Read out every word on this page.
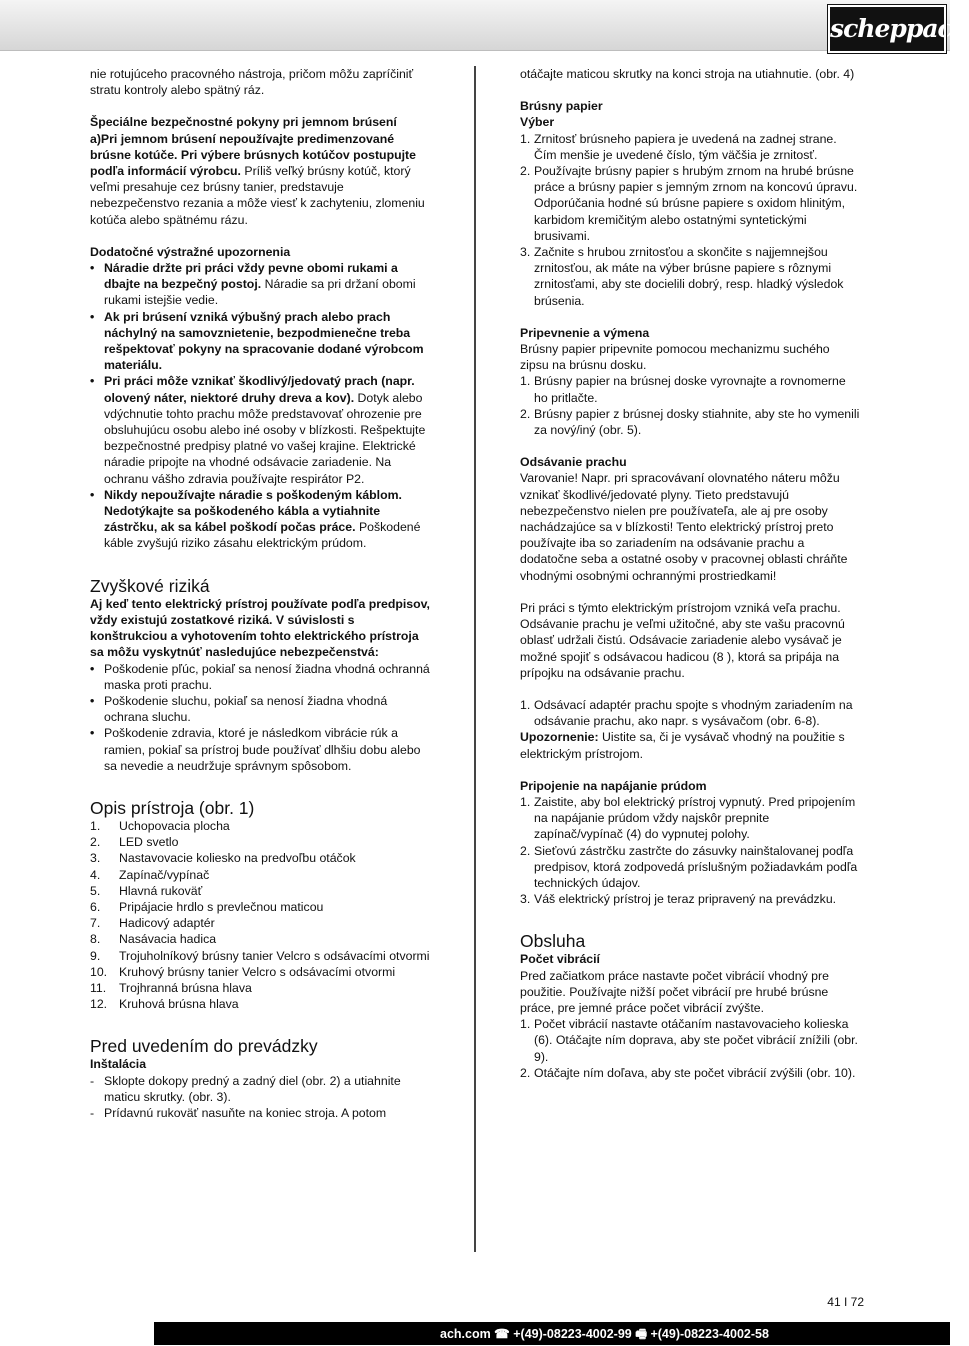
scheppach

nie rotujúceho pracovného nástroja, pričom môžu zapríčiniť stratu kontroly alebo spätný ráz.

Špeciálne bezpečnostné pokyny pri jemnom brúsení

a)Pri jemnom brúsení nepoužívajte predimenzované brúsne kotúče. Pri výbere brúsnych kotúčov postupujte podľa informácií výrobcu. Príliš veľký brúsny kotúč, ktorý veľmi presahuje cez brúsny tanier, predstavuje nebezpečenstvo rezania a môže viesť k zachyteniu, zlomeniu kotúča alebo spätnému rázu.

Dodatočné výstražné upozornenia

• Náradie držte pri práci vždy pevne obomi rukami a dbajte na bezpečný postoj. Náradie sa pri držaní obomi rukami istejšie vedie.
• Ak pri brúsení vzniká výbušný prach alebo prach náchylný na samovznietenie, bezpodmienečne treba rešpektovať pokyny na spracovanie dodané výrobcom materiálu.
• Pri práci môže vznikať škodlivý/jedovatý prach (napr. olovený náter, niektoré druhy dreva a kov). Dotyk alebo vdýchnutie tohto prachu môže predstavovať ohrozenie pre obsluhujúcu osobu alebo iné osoby v blízkosti. Rešpektujte bezpečnostné predpisy platné vo vašej krajine. Elektrické náradie pripojte na vhodné odsávacie zariadenie. Na ochranu vášho zdravia používajte respirátor P2.
• Nikdy nepoužívajte náradie s poškodeným káblom. Nedotýkajte sa poškodeného kábla a vytiahnite zástrčku, ak sa kábel poškodí počas práce. Poškodené káble zvyšujú riziko zásahu elektrickým prúdom.
Zvyškové riziká

Aj keď tento elektrický prístroj používate podľa predpisov, vždy existujú zostatkové riziká. V súvislosti s konštrukciou a vyhotovením tohto elektrického prístroja sa môžu vyskytnúť nasledujúce nebezpečenstvá:

• Poškodenie pľúc, pokiaľ sa nenosí žiadna vhodná ochranná maska proti prachu.
• Poškodenie sluchu, pokiaľ sa nenosí žiadna vhodná ochrana sluchu.
• Poškodenie zdravia, ktoré je následkom vibrácie rúk a ramien, pokiaľ sa prístroj bude používať dlhšiu dobu alebo sa nevedie a neudržuje správnym spôsobom.
Opis prístroja (obr. 1)
1. Uchopovacia plocha
2. LED svetlo
3. Nastavovacie koliesko na predvoľbu otáčok
4. Zapínač/vypínač
5. Hlavná rukoväť
6. Pripájacie hrdlo s prevlečnou maticou
7. Hadicový adaptér
8. Nasávacia hadica
9. Trojuholníkový brúsny tanier Velcro s odsávacími otvormi
10. Kruhový brúsny tanier Velcro s odsávacími otvormi
11. Trojhranná brúsna hlava
12. Kruhová brúsna hlava
Pred uvedením do prevádzky

Inštalácia

- Sklopte dokopy predný a zadný diel (obr. 2) a utiahnite maticu skrutky. (obr. 3).
- Prídavnú rukoväť nasuňte na koniec stroja. A potom

otáčajte maticou skrutky na konci stroja na utiahnutie. (obr. 4)

Brúsny papier

Výber

1. Zrnitosť brúsneho papiera je uvedená na zadnej strane. Čím menšie je uvedené číslo, tým väčšia je zrnitosť.
2. Používajte brúsny papier s hrubým zrnom na hrubé brúsne práce a brúsny papier s jemným zrnom na koncovú úpravu. Odporúčania hodné sú brúsne papiere s oxidom hlinitým, karbidom kremičitým alebo ostatnými syntetickými brusivami.
3. Začnite s hrubou zrnitosťou a skončite s najjemnejšou zrnitosťou, ak máte na výber brúsne papiere s rôznymi zrnitosťami, aby ste docielili dobrý, resp. hladký výsledok brúsenia.

Pripevnenie a výmena

Brúsny papier pripevnite pomocou mechanizmu suchého zipsu na brúsnu dosku.

1. Brúsny papier na brúsnej doske vyrovnajte a rovnomerne ho pritlačte.
2. Brúsny papier z brúsnej dosky stiahnite, aby ste ho vymenili za nový/iný (obr. 5).

Odsávanie prachu

Varovanie! Napr. pri spracovávaní olovnatého náteru môžu vznikať škodlivé/jedovaté plyny. Tieto predstavujú nebezpečenstvo nielen pre používateľa, ale aj pre osoby nachádzajúce sa v blízkosti! Tento elektrický prístroj preto používajte iba so zariadením na odsávanie prachu a dodatočne seba a ostatné osoby v pracovnej oblasti chráňte vhodnými osobnými ochrannými prostriedkami!

Pri práci s týmto elektrickým prístrojom vzniká veľa prachu. Odsávanie prachu je veľmi užitočné, aby ste vašu pracovnú oblasť udržali čistú. Odsávacie zariadenie alebo vysávač je možné spojiť s odsávacou hadicou (8 ), ktorá sa pripája na prípojku na odsávanie prachu.

1. Odsávací adaptér prachu spojte s vhodným zariadením na odsávanie prachu, ako napr. s vysávačom (obr. 6-8).

Upozornenie: Uistite sa, či je vysávač vhodný na použitie s elektrickým prístrojom.

Pripojenie na napájanie prúdom

1. Zaistite, aby bol elektrický prístroj vypnutý. Pred pripojením na napájanie prúdom vždy najskôr prepnite zapínač/vypínač (4) do vypnutej polohy.
2. Sieťovú zástrčku zastrčte do zásuvky nainštalovanej podľa predpisov, ktorá zodpovedá príslušným požiadavkám podľa technických údajov.
3. Váš elektrický prístroj je teraz pripravený na prevádzku.
Obsluha

Počet vibrácií

Pred začiatkom práce nastavte počet vibrácií vhodný pre použitie. Používajte nižší počet vibrácií pre hrubé brúsne práce, pre jemné práce počet vibrácií zvýšte.

1. Počet vibrácií nastavte otáčaním nastavovacieho kolieska (6). Otáčajte ním doprava, aby ste počet vibrácií znížili (obr. 9).
2. Otáčajte ním doľava, aby ste počet vibrácií zvýšili (obr. 10).
41 I 72
ach.com ☎ +(49)-08223-4002-99 🖷 +(49)-08223-4002-58
